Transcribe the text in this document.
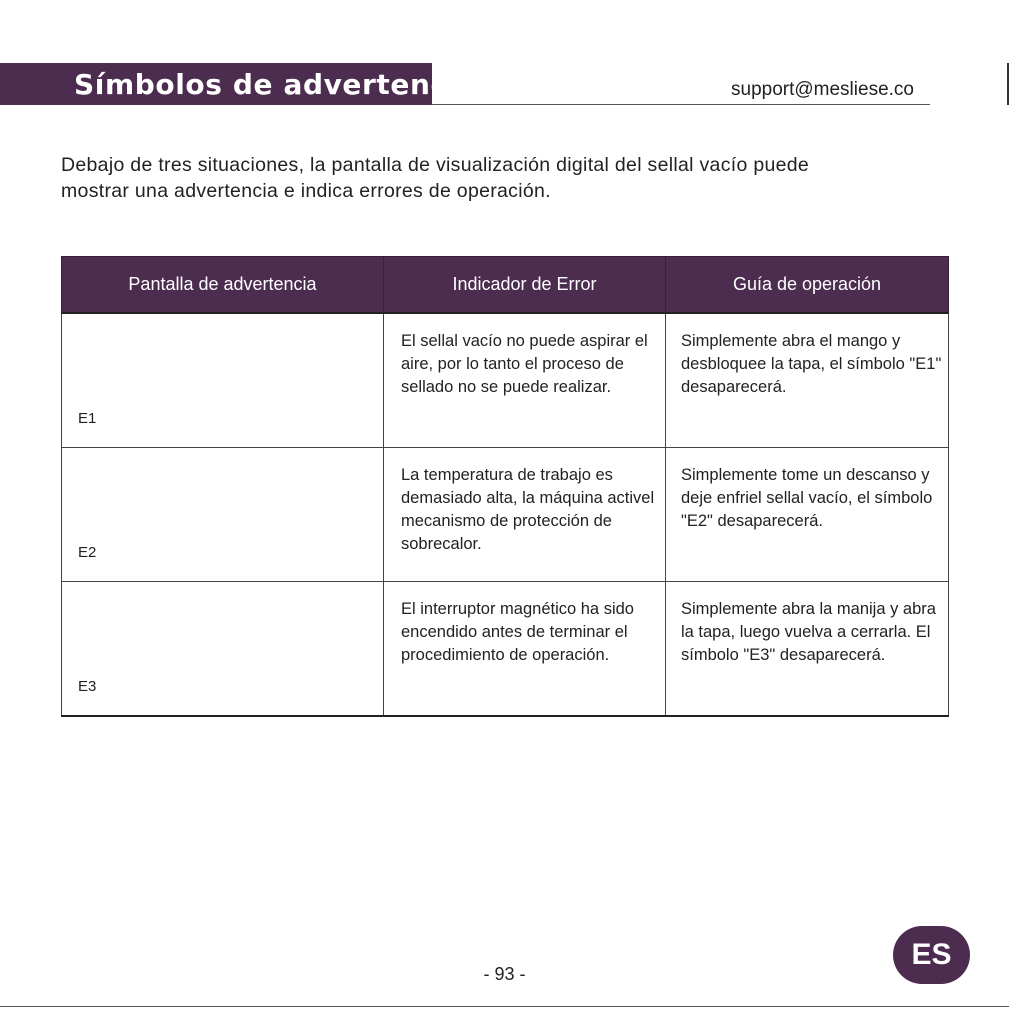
Símbolos de advertencia	support@mesliese.co

Debajo de tres situaciones, la pantalla de visualización digital del sellal vacío puede

mostrar una advertencia e indica errores de operación.

Pantalla de advertencia	Indicador de Error	Guía de operación

E1	El sellal vacío no puede aspirar el aire, por lo tanto el proceso de sellado no se puede realizar.	Simplemente abra el mango y desbloquee la tapa, el símbolo "E1" desaparecerá.

E2	La temperatura de trabajo es demasiado alta, la máquina activel mecanismo de protección de sobrecalor.	Simplemente tome un descanso y deje enfriel sellal vacío, el símbolo "E2" desaparecerá.

E3	El interruptor magnético ha sido encendido antes de terminar el procedimiento de operación.	Simplemente abra la manija y abra la tapa, luego vuelva a cerrarla. El símbolo "E3" desaparecerá.
- 93 -
ES
